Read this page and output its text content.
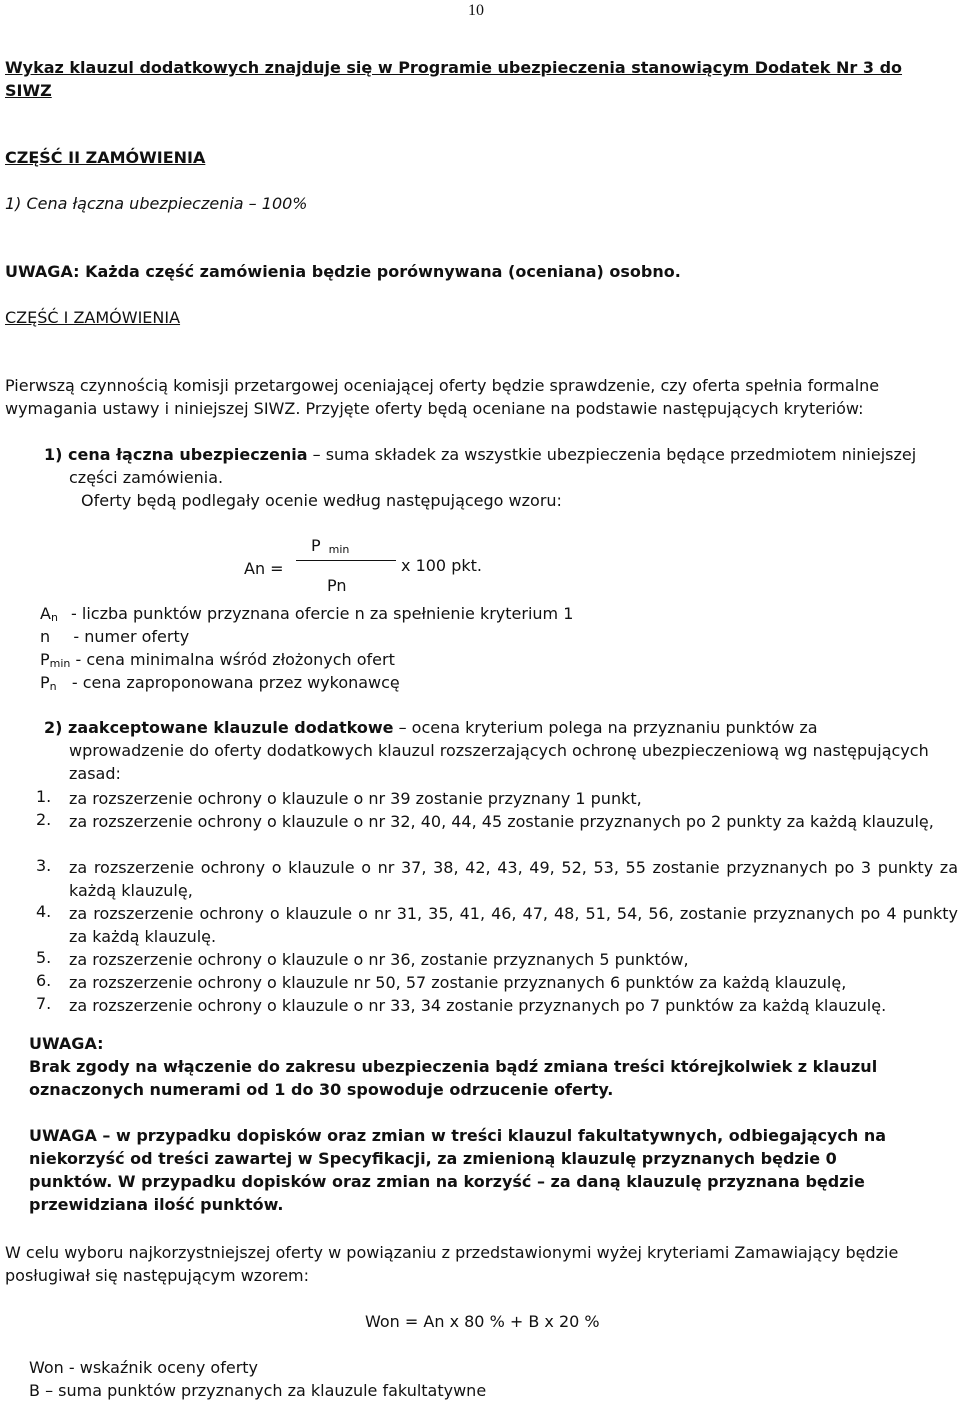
10
Wykaz klauzul dodatkowych znajduje się w Programie ubezpieczenia stanowiącym Dodatek Nr 3 do
SIWZ
CZĘŚĆ II ZAMÓWIENIA
1) Cena łączna ubezpieczenia – 100%
UWAGA: Każda część zamówienia będzie porównywana (oceniana) osobno.
CZĘŚĆ I ZAMÓWIENIA
Pierwszą czynnością komisji przetargowej oceniającej oferty będzie sprawdzenie, czy oferta spełnia formalne
wymagania ustawy i niniejszej SIWZ. Przyjęte oferty będą oceniane na podstawie następujących kryteriów:
1) cena łączna ubezpieczenia – suma składek za wszystkie ubezpieczenia będące przedmiotem niniejszej
części zamówienia.
Oferty będą podlegały ocenie według następującego wzoru:
An =
P min
x 100 pkt.
Pn
An - liczba punktów przyznana ofercie n za spełnienie kryterium 1
n   - numer oferty
Pmin - cena minimalna wśród złożonych ofert
Pn   - cena zaproponowana przez wykonawcę
2) zaakceptowane klauzule dodatkowe – ocena kryterium polega na przyznaniu punktów za
wprowadzenie do oferty dodatkowych klauzul rozszerzających ochronę ubezpieczeniową wg następujących
zasad:
1. za rozszerzenie ochrony o klauzule o nr 39 zostanie przyznany 1 punkt,
2. za rozszerzenie ochrony o klauzule o nr 32, 40, 44, 45 zostanie przyznanych po 2 punkty za każdą klauzulę,
3. za rozszerzenie ochrony o klauzule o nr 37, 38, 42, 43, 49, 52, 53, 55 zostanie przyznanych po 3 punkty za każdą klauzulę,
4. za rozszerzenie ochrony o klauzule o nr 31, 35, 41, 46, 47, 48, 51, 54, 56, zostanie przyznanych po 4 punkty za każdą klauzulę.
5. za rozszerzenie ochrony o klauzule o nr 36, zostanie przyznanych 5 punktów,
6. za rozszerzenie ochrony o klauzule nr 50, 57 zostanie przyznanych 6 punktów za każdą klauzulę,
7. za rozszerzenie ochrony o klauzule o nr 33, 34 zostanie przyznanych po 7 punktów za każdą klauzulę.
UWAGA:
Brak zgody na włączenie do zakresu ubezpieczenia bądź zmiana treści którejkolwiek z klauzul
oznaczonych numerami od 1 do 30 spowoduje odrzucenie oferty.
UWAGA – w przypadku dopisków oraz zmian w treści klauzul fakultatywnych, odbiegających na
niekorzyść od treści zawartej w Specyfikacji, za zmienioną klauzulę przyznanych będzie 0
punktów. W przypadku dopisków oraz zmian na korzyść – za daną klauzulę przyznana będzie
przewidziana ilość punktów.
W celu wyboru najkorzystniejszej oferty w powiązaniu z przedstawionymi wyżej kryteriami Zamawiający będzie
posługiwał się następującym wzorem:
Won = An x 80 % + B x 20 %
Won - wskaźnik oceny oferty
B – suma punktów przyznanych za klauzule fakultatywne
